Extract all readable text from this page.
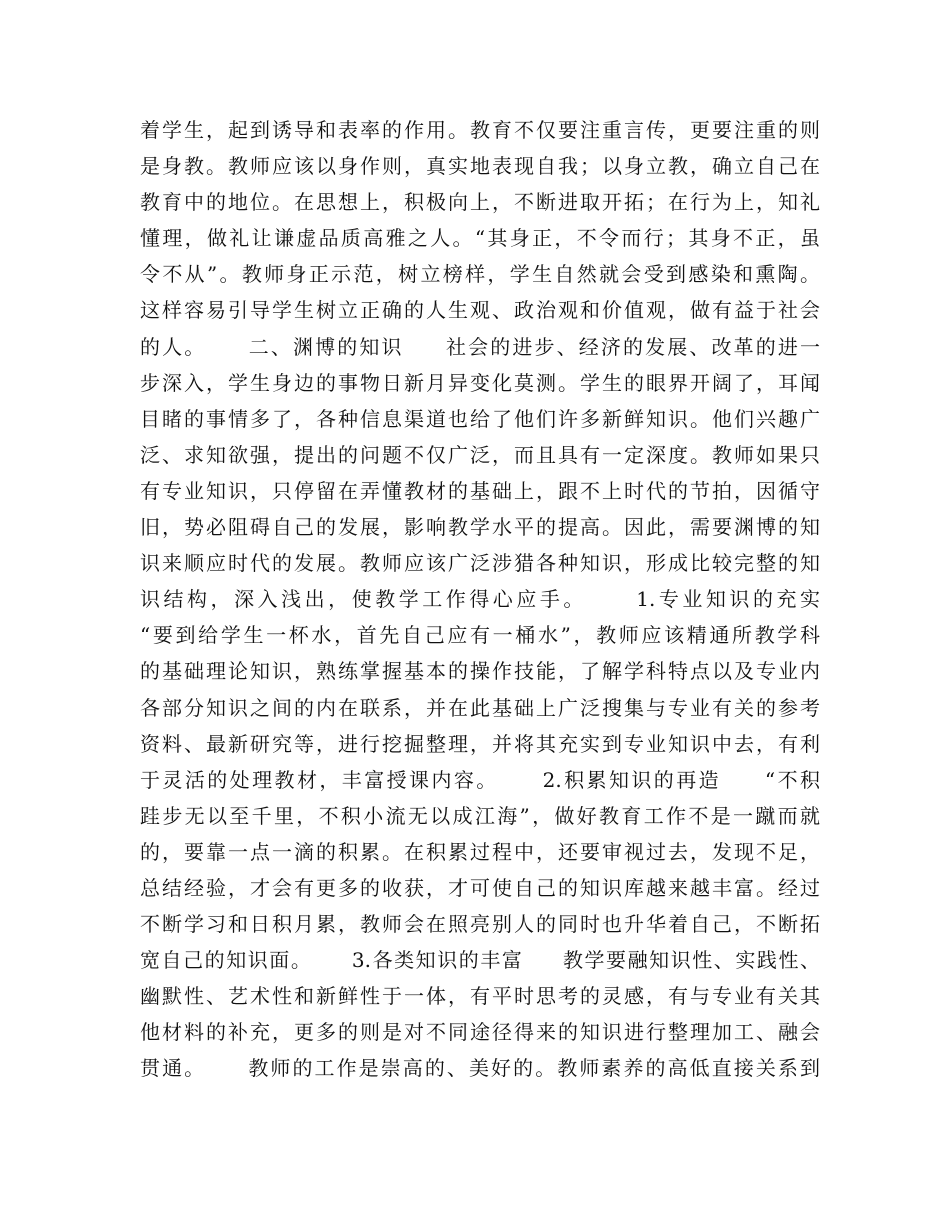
着学生，起到诱导和表率的作用。教育不仅要注重言传，更要注重的则
是身教。教师应该以身作则，真实地表现自我；以身立教，确立自己在
教育中的地位。在思想上，积极向上，不断进取开拓；在行为上，知礼
懂理，做礼让谦虚品质高雅之人。“其身正，不令而行；其身不正，虽
令不从”。教师身正示范，树立榜样，学生自然就会受到感染和熏陶。
这样容易引导学生树立正确的人生观、政治观和价值观，做有益于社会
的人。     二、渊博的知识     社会的进步、经济的发展、改革的进一
步深入，学生身边的事物日新月异变化莫测。学生的眼界开阔了，耳闻
目睹的事情多了，各种信息渠道也给了他们许多新鲜知识。他们兴趣广
泛、求知欲强，提出的问题不仅广泛，而且具有一定深度。教师如果只
有专业知识，只停留在弄懂教材的基础上，跟不上时代的节拍，因循守
旧，势必阻碍自己的发展，影响教学水平的提高。因此，需要渊博的知
识来顺应时代的发展。教师应该广泛涉猎各种知识，形成比较完整的知
识结构，深入浅出，使教学工作得心应手。     1.专业知识的充实
“要到给学生一杯水，首先自己应有一桶水”，教师应该精通所教学科
的基础理论知识，熟练掌握基本的操作技能，了解学科特点以及专业内
各部分知识之间的内在联系，并在此基础上广泛搜集与专业有关的参考
资料、最新研究等，进行挖掘整理，并将其充实到专业知识中去，有利
于灵活的处理教材，丰富授课内容。     2.积累知识的再造     “不积
跬步无以至千里，不积小流无以成江海”，做好教育工作不是一蹴而就
的，要靠一点一滴的积累。在积累过程中，还要审视过去，发现不足，
总结经验，才会有更多的收获，才可使自己的知识库越来越丰富。经过
不断学习和日积月累，教师会在照亮别人的同时也升华着自己，不断拓
宽自己的知识面。     3.各类知识的丰富     教学要融知识性、实践性、
幽默性、艺术性和新鲜性于一体，有平时思考的灵感，有与专业有关其
他材料的补充，更多的则是对不同途径得来的知识进行整理加工、融会
贯通。     教师的工作是崇高的、美好的。教师素养的高低直接关系到
